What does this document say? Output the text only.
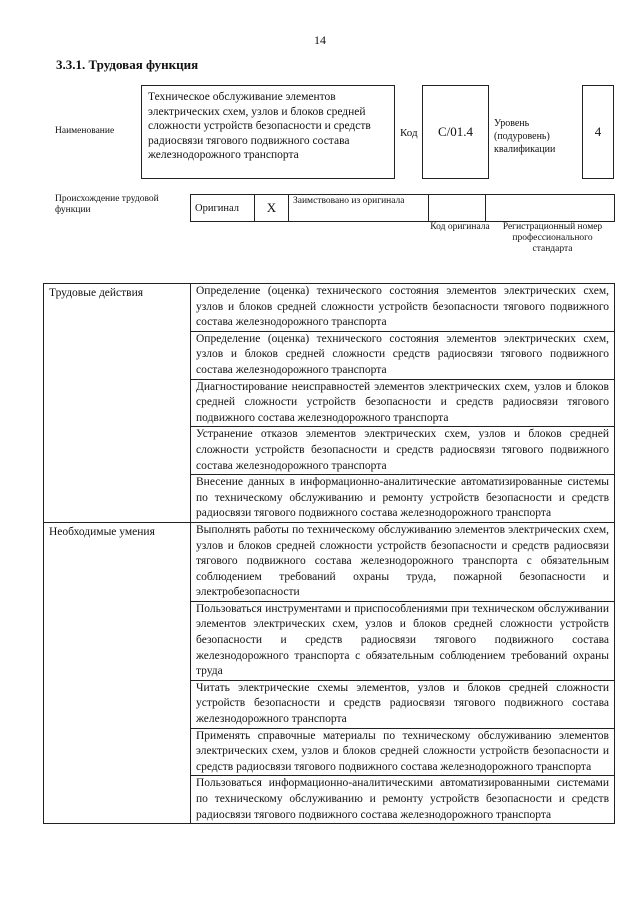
14
3.3.1. Трудовая функция
Наименование
Техническое обслуживание элементов электрических схем, узлов и блоков средней сложности устройств безопасности и средств радиосвязи тягового подвижного состава железнодорожного транспорта
Код	C/01.4
Уровень (подуровень) квалификации
4
Происхождение трудовой функции	Оригинал	X	Заимствовано из оригинала		
Код оригинала	Регистрационный номер профессионального стандарта
Трудовые действия	Определение (оценка) технического состояния элементов электрических схем, узлов и блоков средней сложности устройств безопасности тягового подвижного состава железнодорожного транспорта
	Определение (оценка) технического состояния элементов электрических схем, узлов и блоков средней сложности средств радиосвязи тягового подвижного состава железнодорожного транспорта
	Диагностирование неисправностей элементов электрических схем, узлов и блоков средней сложности устройств безопасности и средств радиосвязи тягового подвижного состава железнодорожного транспорта
	Устранение отказов элементов электрических схем, узлов и блоков средней сложности устройств безопасности и средств радиосвязи тягового подвижного состава железнодорожного транспорта
	Внесение данных в информационно-аналитические автоматизированные системы по техническому обслуживанию и ремонту устройств безопасности и средств радиосвязи тягового подвижного состава железнодорожного транспорта
Необходимые умения	Выполнять работы по техническому обслуживанию элементов электрических схем, узлов и блоков средней сложности устройств безопасности и средств радиосвязи тягового подвижного состава железнодорожного транспорта с обязательным соблюдением требований охраны труда, пожарной безопасности и электробезопасности
	Пользоваться инструментами и приспособлениями при техническом обслуживании элементов электрических схем, узлов и блоков средней сложности устройств безопасности и средств радиосвязи тягового подвижного состава железнодорожного транспорта с обязательным соблюдением требований охраны труда
	Читать электрические схемы элементов, узлов и блоков средней сложности устройств безопасности и средств радиосвязи тягового подвижного состава железнодорожного транспорта
	Применять справочные материалы по техническому обслуживанию элементов электрических схем, узлов и блоков средней сложности устройств безопасности и средств радиосвязи тягового подвижного состава железнодорожного транспорта
	Пользоваться информационно-аналитическими автоматизированными системами по техническому обслуживанию и ремонту устройств безопасности и средств радиосвязи тягового подвижного состава железнодорожного транспорта
